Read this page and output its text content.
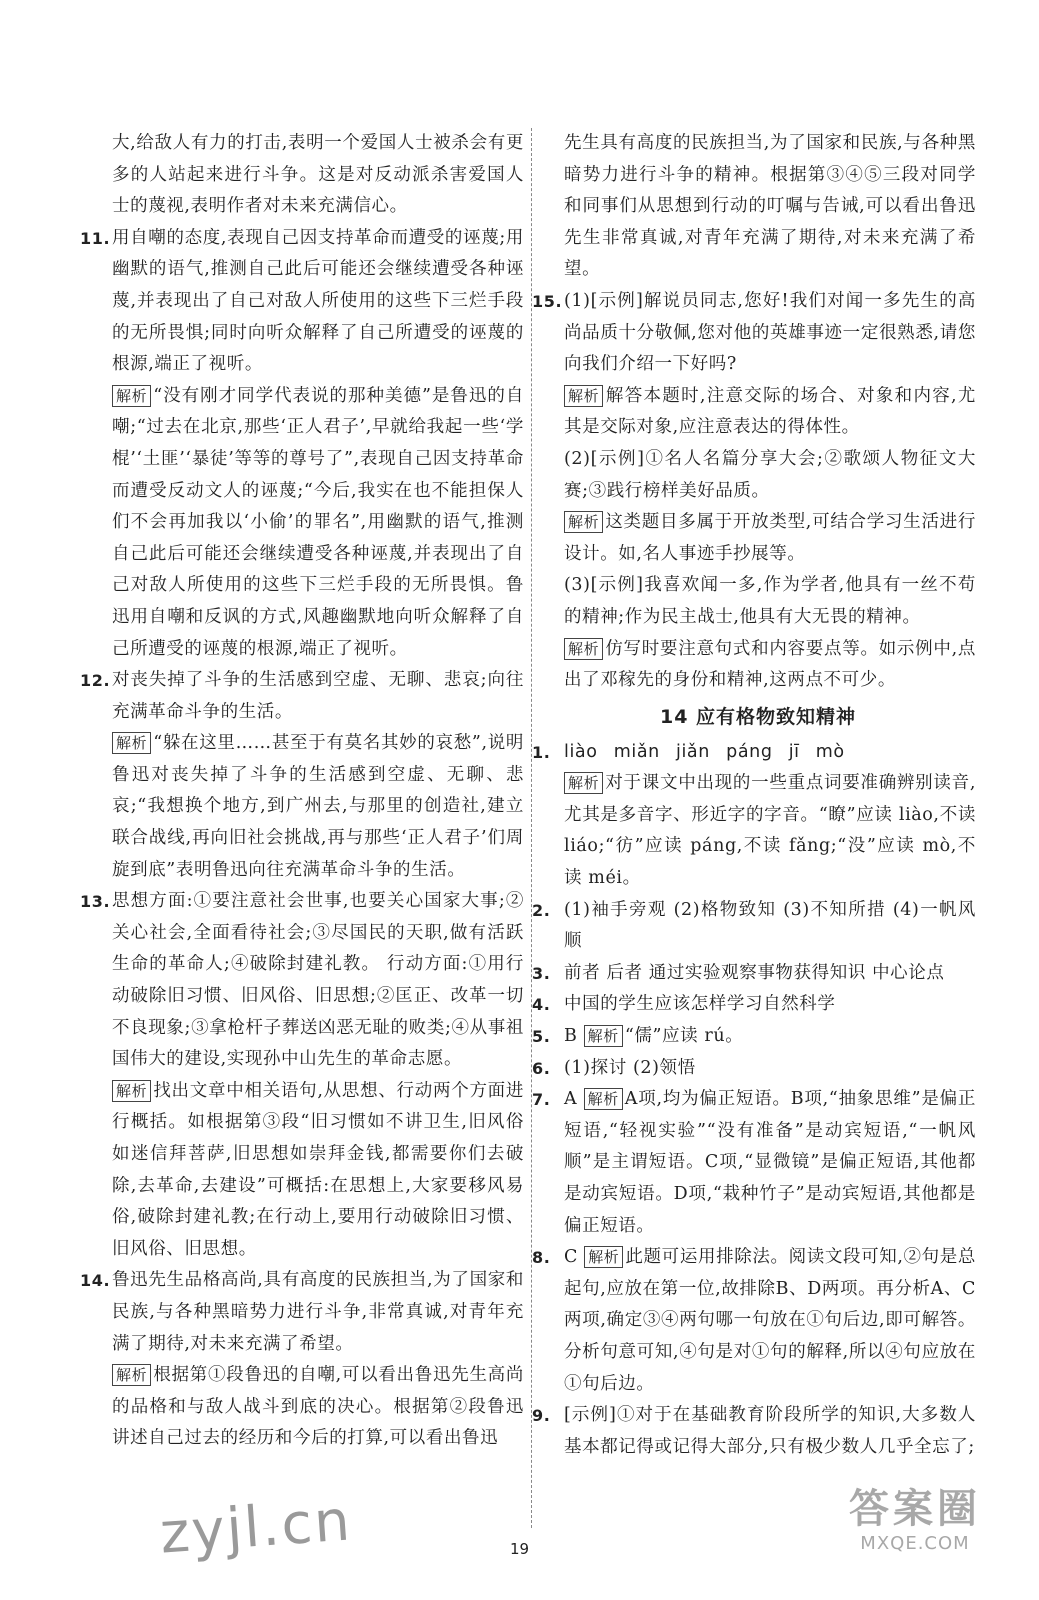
大,给敌人有力的打击,表明一个爱国人士被杀会有更多的人站起来进行斗争。这是对反动派杀害爱国人士的蔑视,表明作者对未来充满信心。
11. 用自嘲的态度,表现自己因支持革命而遭受的诬蔑;用幽默的语气,推测自己此后可能还会继续遭受各种诬蔑,并表现出了自己对敌人所使用的这些下三烂手段的无所畏惧;同时向听众解释了自己所遭受的诬蔑的根源,端正了视听。
解析 “没有刚才同学代表说的那种美德”是鲁迅的自嘲;“过去在北京,那些‘正人君子’,早就给我起一些‘学棍’‘土匪’‘暴徒’等等的尊号了”,表现自己因支持革命而遭受反动文人的诬蔑;“今后,我实在也不能担保人们不会再加我以‘小偷’的罪名”,用幽默的语气,推测自己此后可能还会继续遭受各种诬蔑,并表现出了自己对敌人所使用的这些下三烂手段的无所畏惧。鲁迅用自嘲和反讽的方式,风趣幽默地向听众解释了自己所遭受的诬蔑的根源,端正了视听。
12. 对丧失掉了斗争的生活感到空虚、无聊、悲哀;向往充满革命斗争的生活。
解析 “躲在这里……甚至于有莫名其妙的哀愁”,说明鲁迅对丧失掉了斗争的生活感到空虚、无聊、悲哀;“我想换个地方,到广州去,与那里的创造社,建立联合战线,再向旧社会挑战,再与那些‘正人君子’们周旋到底”表明鲁迅向往充满革命斗争的生活。
13. 思想方面:①要注意社会世事,也要关心国家大事;②关心社会,全面看待社会;③尽国民的天职,做有活跃生命的革命人;④破除封建礼教。 行动方面:①用行动破除旧习惯、旧风俗、旧思想;②匡正、改革一切不良现象;③拿枪杆子葬送凶恶无耻的败类;④从事祖国伟大的建设,实现孙中山先生的革命志愿。
解析 找出文章中相关语句,从思想、行动两个方面进行概括。如根据第③段“旧习惯如不讲卫生,旧风俗如迷信拜菩萨,旧思想如崇拜金钱,都需要你们去破除,去革命,去建设”可概括:在思想上,大家要移风易俗,破除封建礼教;在行动上,要用行动破除旧习惯、旧风俗、旧思想。
14. 鲁迅先生品格高尚,具有高度的民族担当,为了国家和民族,与各种黑暗势力进行斗争,非常真诚,对青年充满了期待,对未来充满了希望。
解析 根据第①段鲁迅的自嘲,可以看出鲁迅先生高尚的品格和与敌人战斗到底的决心。根据第②段鲁迅讲述自己过去的经历和今后的打算,可以看出鲁迅
先生具有高度的民族担当,为了国家和民族,与各种黑暗势力进行斗争的精神。根据第③④⑤三段对同学和同事们从思想到行动的叮嘱与告诫,可以看出鲁迅先生非常真诚,对青年充满了期待,对未来充满了希望。
15. (1)[示例]解说员同志,您好!我们对闻一多先生的高尚品质十分敬佩,您对他的英雄事迹一定很熟悉,请您向我们介绍一下好吗?
解析 解答本题时,注意交际的场合、对象和内容,尤其是交际对象,应注意表达的得体性。
(2)[示例]①名人名篇分享大会;②歌颂人物征文大赛;③践行榜样美好品质。
解析 这类题目多属于开放类型,可结合学习生活进行设计。如,名人事迹手抄展等。
(3)[示例]我喜欢闻一多,作为学者,他具有一丝不苟的精神;作为民主战士,他具有大无畏的精神。
解析 仿写时要注意句式和内容要点等。如示例中,点出了邓稼先的身份和精神,这两点不可少。
14 应有格物致知精神
1. liào miǎn jiǎn páng jī mò
解析 对于课文中出现的一些重点词要准确辨别读音,尤其是多音字、形近字的字音。“瞭”应读 liào,不读 liáo;“彷”应读 páng,不读 fǎng;“没”应读 mò,不读 méi。
2. (1)袖手旁观 (2)格物致知 (3)不知所措 (4)一帆风顺
3. 前者 后者 通过实验观察事物获得知识 中心论点
4. 中国的学生应该怎样学习自然科学
5. B 解析 “儒”应读 rú。
6. (1)探讨 (2)领悟
7. A 解析 A项,均为偏正短语。B项,“抽象思维”是偏正短语,“轻视实验”“没有准备”是动宾短语,“一帆风顺”是主谓短语。C项,“显微镜”是偏正短语,其他都是动宾短语。D项,“栽种竹子”是动宾短语,其他都是偏正短语。
8. C 解析 此题可运用排除法。阅读文段可知,②句是总起句,应放在第一位,故排除B、D两项。再分析A、C两项,确定③④两句哪一句放在①句后边,即可解答。分析句意可知,④句是对①句的解释,所以④句应放在①句后边。
9. [示例]①对于在基础教育阶段所学的知识,大多数人基本都记得或记得大部分,只有极少数人几乎全忘了;
19
zyjl.cn	答案圈
MXQE.COM
